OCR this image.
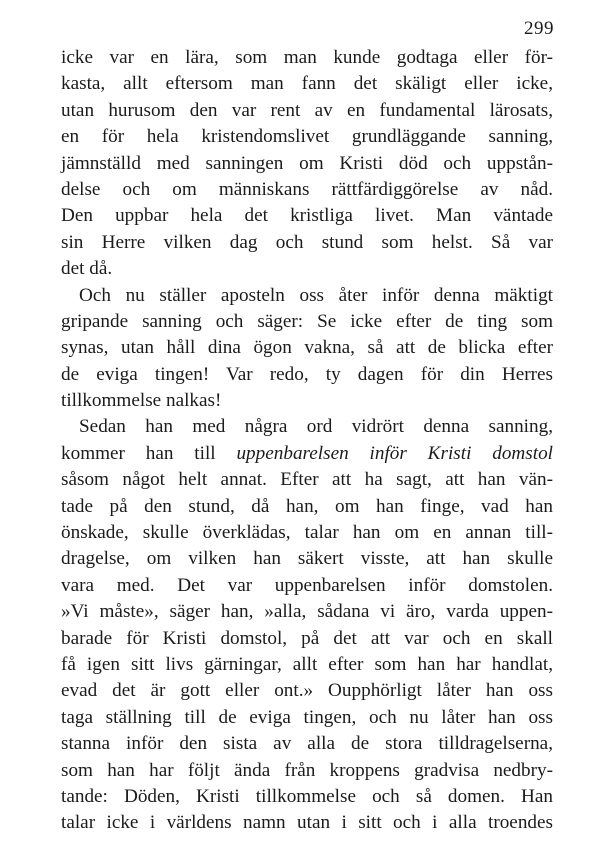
299
icke var en lära, som man kunde godtaga eller för-
kasta, allt eftersom man fann det skäligt eller icke,
utan hurusom den var rent av en fundamental lärosats,
en för hela kristendomslivet grundläggande sanning,
jämnställd med sanningen om Kristi död och uppstån-
delse och om människans rättfärdiggörelse av nåd.
Den uppbar hela det kristliga livet. Man väntade
sin Herre vilken dag och stund som helst. Så var
det då.
Och nu ställer aposteln oss åter inför denna mäktigt
gripande sanning och säger: Se icke efter de ting som
synas, utan håll dina ögon vakna, så att de blicka efter
de eviga tingen! Var redo, ty dagen för din Herres
tillkommelse nalkas!
Sedan han med några ord vidrört denna sanning,
kommer han till uppenbarelsen inför Kristi domstol
såsom något helt annat. Efter att ha sagt, att han vän-
tade på den stund, då han, om han finge, vad han
önskade, skulle överklädas, talar han om en annan till-
dragelse, om vilken han säkert visste, att han skulle
vara med. Det var uppenbarelsen inför domstolen.
»Vi måste», säger han, »alla, sådana vi äro, varda uppen-
barade för Kristi domstol, på det att var och en skall
få igen sitt livs gärningar, allt efter som han har handlat,
evad det är gott eller ont.» Oupphörligt låter han oss
taga ställning till de eviga tingen, och nu låter han oss
stanna inför den sista av alla de stora tilldragelserna,
som han har följt ända från kroppens gradvisa nedbry-
tande: Döden, Kristi tillkommelse och så domen. Han
talar icke i världens namn utan i sitt och i alla troendes
